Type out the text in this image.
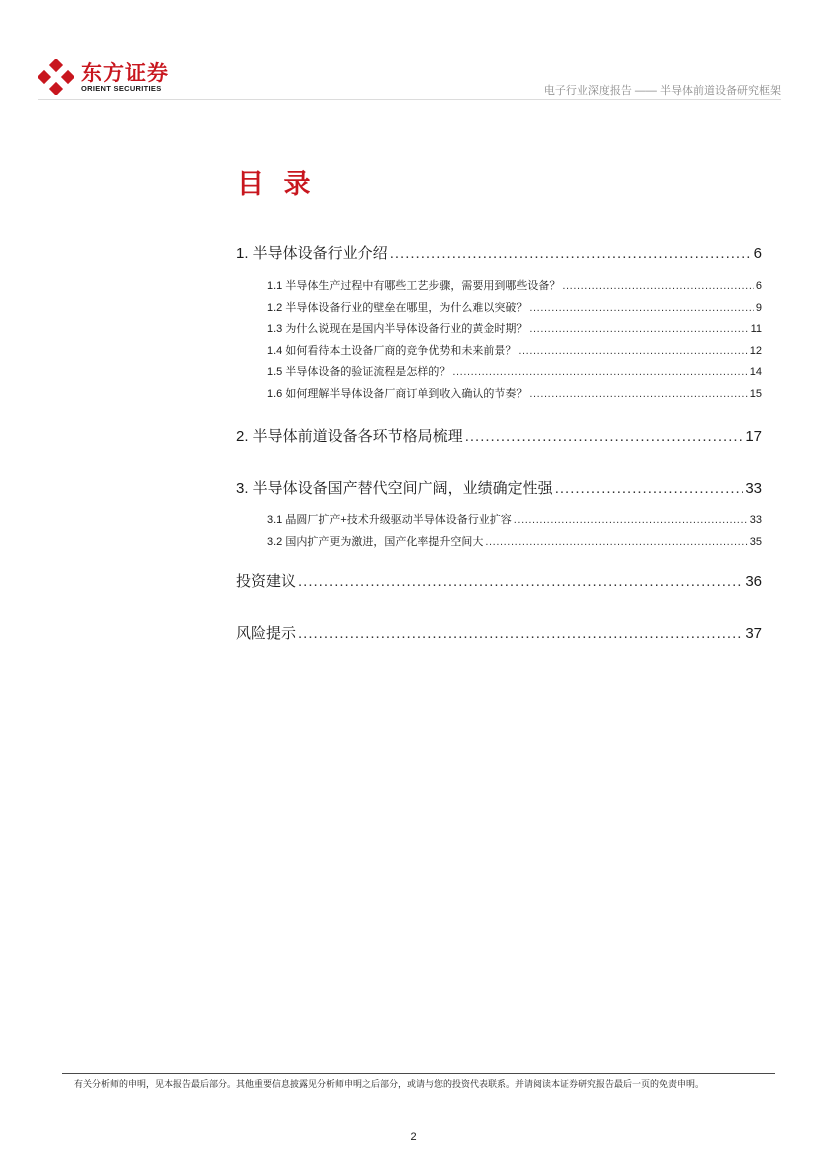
东方证券
ORIENT SECURITIES	电子行业深度报告 —— 半导体前道设备研究框架
目 录
1. 半导体设备行业介绍 .....	6
1.1 半导体生产过程中有哪些工艺步骤，需要用到哪些设备？ .....	6
1.2 半导体设备行业的壁垒在哪里，为什么难以突破？ .....	9
1.3 为什么说现在是国内半导体设备行业的黄金时期？ .....	11
1.4 如何看待本土设备厂商的竞争优势和未来前景？ .....	12
1.5 半导体设备的验证流程是怎样的？ .....	14
1.6 如何理解半导体设备厂商订单到收入确认的节奏？ .....	15
2. 半导体前道设备各环节格局梳理 .....	17
3. 半导体设备国产替代空间广阔，业绩确定性强 .....	33
3.1 晶圆厂扩产+技术升级驱动半导体设备行业扩容 .....	33
3.2 国内扩产更为激进，国产化率提升空间大 .....	35
投资建议 .....	36
风险提示 .....	37
有关分析师的申明，见本报告最后部分。其他重要信息披露见分析师申明之后部分，或请与您的投资代表联系。并请阅读本证券研究报告最后一页的免责申明。
2
